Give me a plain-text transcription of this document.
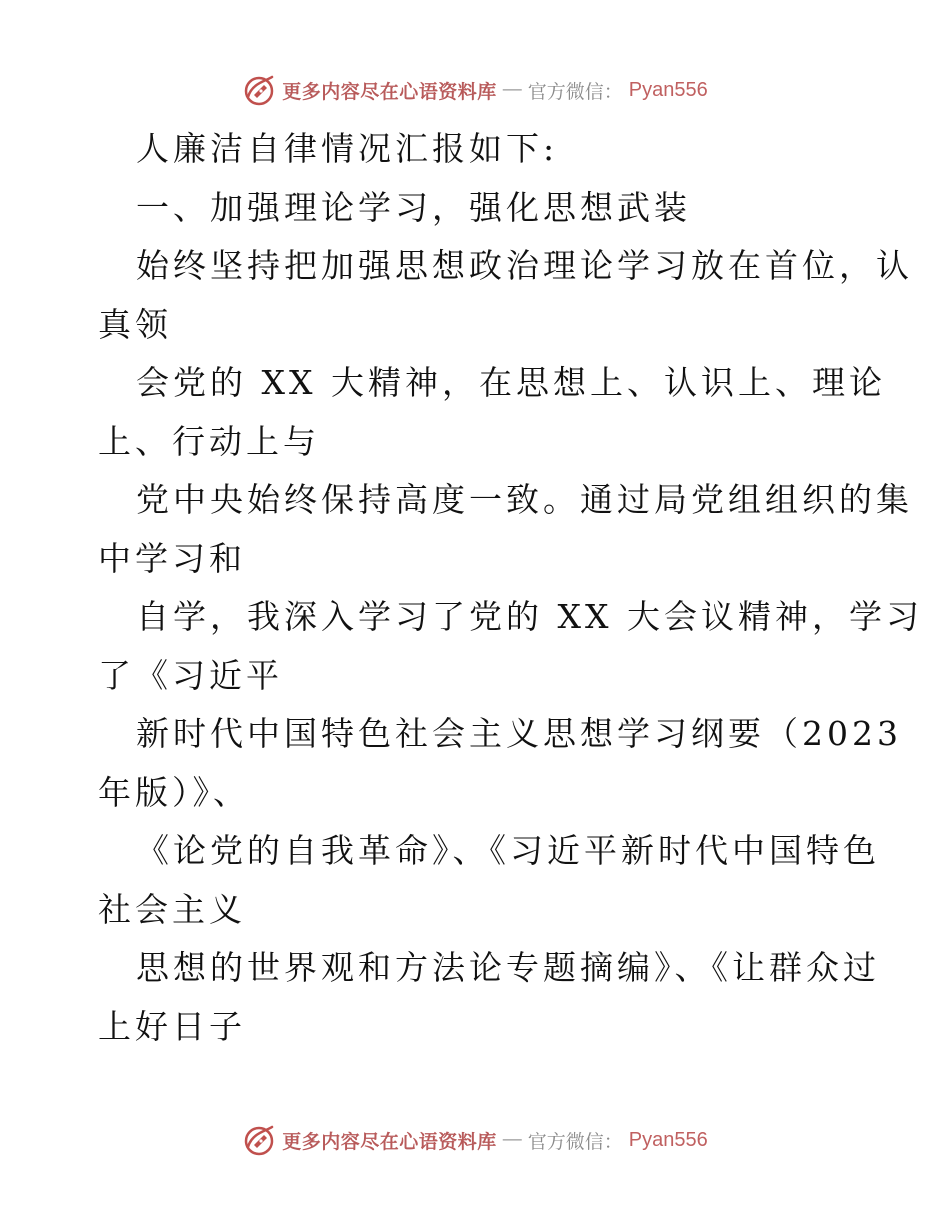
更多内容尽在心语资料库 — 官方微信： Pyan556
人廉洁自律情况汇报如下:
一、加强理论学习，强化思想武装
始终坚持把加强思想政治理论学习放在首位，认
真领
会党的 XX 大精神，在思想上、认识上、理论
上、行动上与
党中央始终保持高度一致。通过局党组组织的集
中学习和
自学，我深入学习了党的 XX 大会议精神，学习
了《习近平
新时代中国特色社会主义思想学习纲要（2023
年版）》、
《论党的自我革命》、《习近平新时代中国特色
社会主义
思想的世界观和方法论专题摘编》、《让群众过
上好日子
更多内容尽在心语资料库 — 官方微信： Pyan556
